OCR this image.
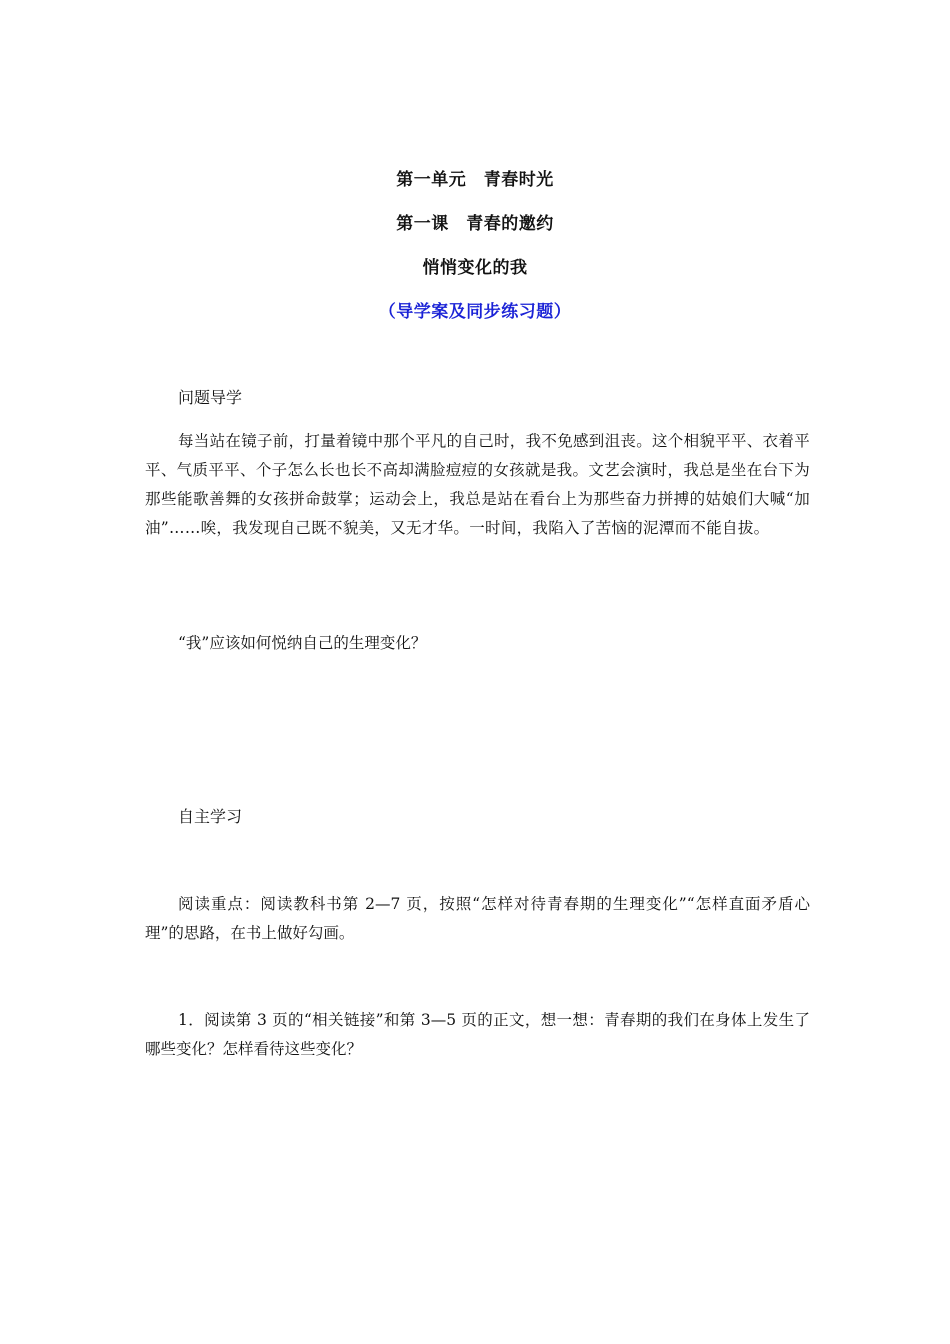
第一单元　青春时光
第一课　青春的邀约
悄悄变化的我
（导学案及同步练习题）
问题导学

每当站在镜子前，打量着镜中那个平凡的自己时，我不免感到沮丧。这个相貌平平、衣着平平、气质平平、个子怎么长也长不高却满脸痘痘的女孩就是我。文艺会演时，我总是坐在台下为那些能歌善舞的女孩拼命鼓掌；运动会上，我总是站在看台上为那些奋力拼搏的姑娘们大喊“加油”……唉，我发现自己既不貌美，又无才华。一时间，我陷入了苦恼的泥潭而不能自拔。

“我”应该如何悦纳自己的生理变化？
自主学习

阅读重点：阅读教科书第 2—7 页，按照“怎样对待青春期的生理变化”“怎样直面矛盾心理”的思路，在书上做好勾画。

1．阅读第 3 页的“相关链接”和第 3—5 页的正文，想一想：青春期的我们在身体上发生了哪些变化？怎样看待这些变化？
